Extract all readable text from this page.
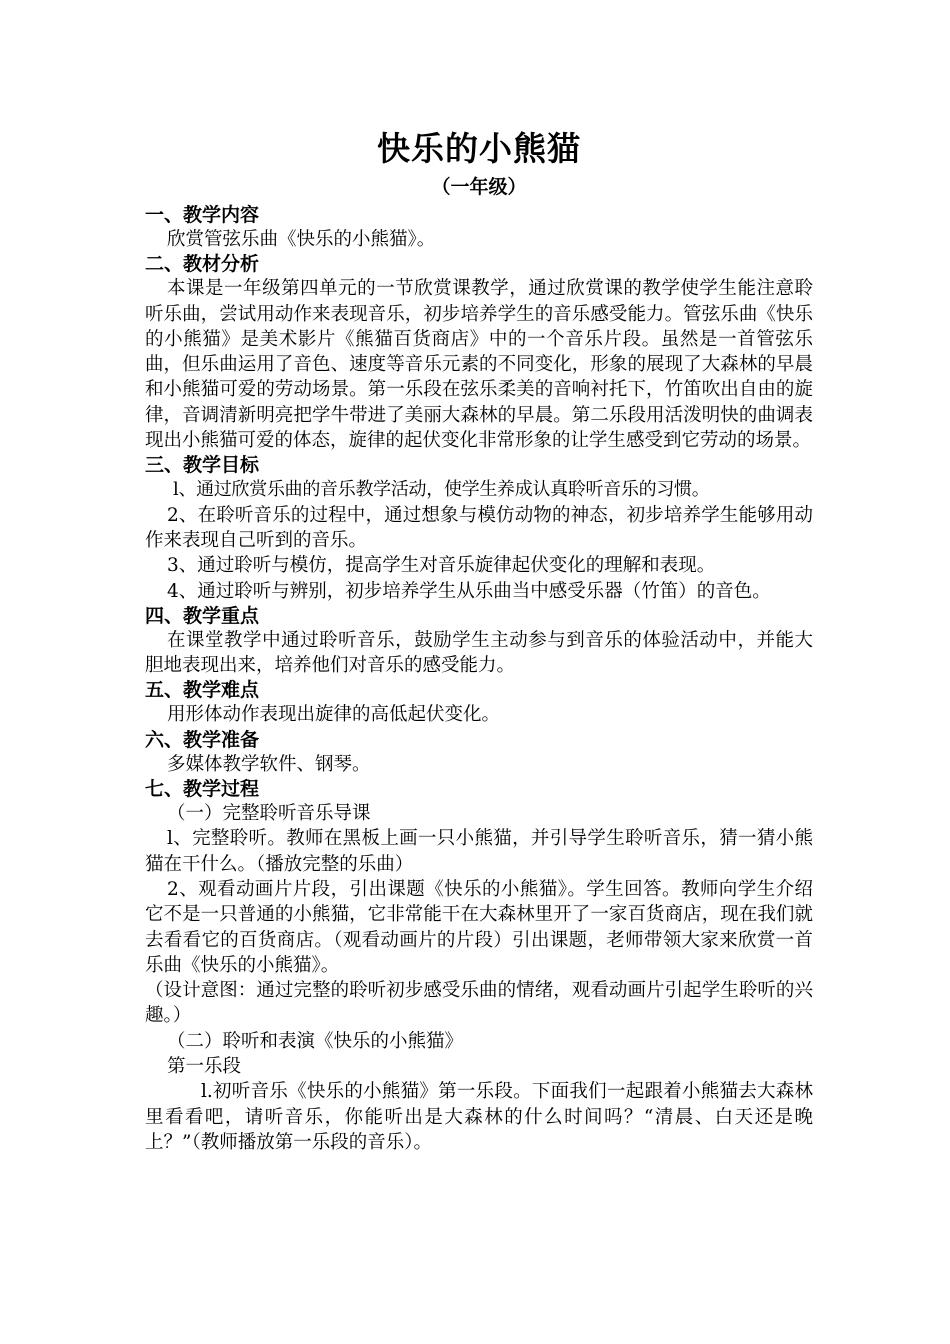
快乐的小熊猫
（一年级）
一、教学内容

欣赏管弦乐曲《快乐的小熊猫》。

二、教材分析

本课是一年级第四单元的一节欣赏课教学，通过欣赏课的教学使学生能注意聆听乐曲，尝试用动作来表现音乐，初步培养学生的音乐感受能力。管弦乐曲《快乐的小熊猫》是美术影片《熊猫百货商店》中的一个音乐片段。虽然是一首管弦乐曲，但乐曲运用了音色、速度等音乐元素的不同变化，形象的展现了大森林的早晨和小熊猫可爱的劳动场景。第一乐段在弦乐柔美的音响衬托下，竹笛吹出自由的旋律，音调清新明亮把学牛带进了美丽大森林的早晨。第二乐段用活泼明快的曲调表现出小熊猫可爱的体态，旋律的起伏变化非常形象的让学生感受到它劳动的场景。

三、教学目标

l、通过欣赏乐曲的音乐教学活动，使学生养成认真聆听音乐的习惯。

2、在聆听音乐的过程中，通过想象与模仿动物的神态，初步培养学生能够用动作来表现自己听到的音乐。

3、通过聆听与模仿，提高学生对音乐旋律起伏变化的理解和表现。

4、通过聆听与辨别，初步培养学生从乐曲当中感受乐器（竹笛）的音色。

四、教学重点

在课堂教学中通过聆听音乐，鼓励学生主动参与到音乐的体验活动中，并能大胆地表现出来，培养他们对音乐的感受能力。

五、教学难点

用形体动作表现出旋律的高低起伏变化。

六、教学准备

多媒体教学软件、钢琴。

七、教学过程

（一）完整聆听音乐导课

l、完整聆听。教师在黑板上画一只小熊猫，并引导学生聆听音乐，猜一猜小熊猫在干什么。（播放完整的乐曲）

2、观看动画片片段，引出课题《快乐的小熊猫》。学生回答。教师向学生介绍它不是一只普通的小熊猫，它非常能干在大森林里开了一家百货商店，现在我们就去看看它的百货商店。（观看动画片的片段）引出课题，老师带领大家来欣赏一首乐曲《快乐的小熊猫》。

（设计意图：通过完整的聆听初步感受乐曲的情绪，观看动画片引起学生聆听的兴趣。）

（二）聆听和表演《快乐的小熊猫》

第一乐段

l.初听音乐《快乐的小熊猫》第一乐段。下面我们一起跟着小熊猫去大森林里看看吧，请听音乐，你能听出是大森林的什么时间吗？“清晨、白天还是晚上？”（教师播放第一乐段的音乐）。
